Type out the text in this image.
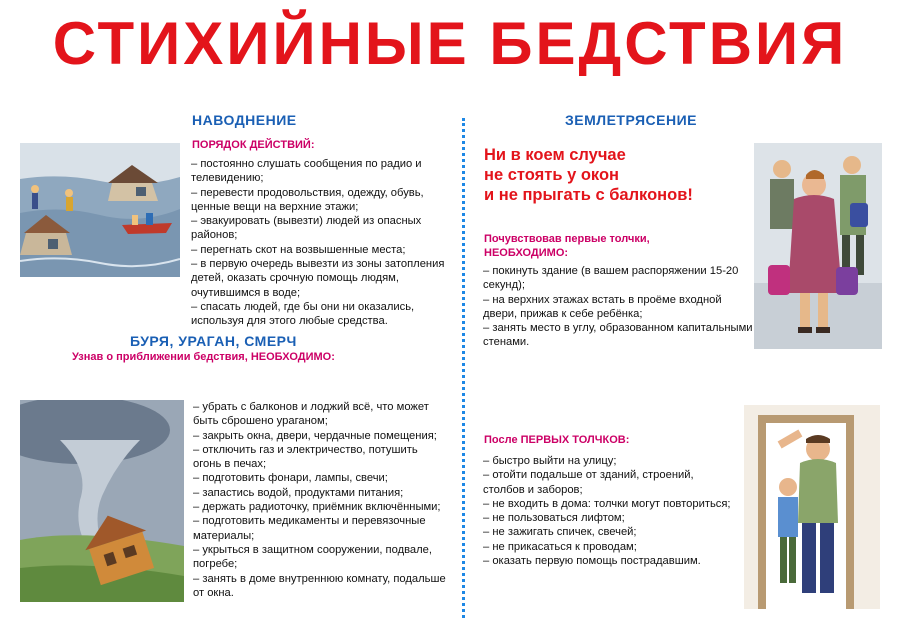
СТИХИЙНЫЕ БЕДСТВИЯ
НАВОДНЕНИЕ
ПОРЯДОК ДЕЙСТВИЙ:
– постоянно слушать сообщения по радио и телевидению;
– перевести продовольствия, одежду, обувь, ценные вещи на верхние этажи;
– эвакуировать (вывезти) людей из опасных районов;
– перегнать скот на возвышенные места;
– в первую очередь вывезти из зоны затопления детей, оказать срочную помощь людям, очутившимся в воде;
– спасать людей, где бы они ни оказались, используя для этого любые средства.
БУРЯ, УРАГАН, СМЕРЧ
Узнав о приближении бедствия, НЕОБХОДИМО:
– убрать с балконов и лоджий всё, что может быть сброшено ураганом;
– закрыть окна, двери, чердачные помещения;
– отключить газ и электричество, потушить огонь в печах;
– подготовить фонари, лампы, свечи;
– запастись водой, продуктами питания;
– держать радиоточку, приёмник включёнными;
– подготовить медикаменты и перевязочные материалы;
– укрыться в защитном сооружении, подвале, погребе;
– занять в доме внутреннюю комнату, подальше от окна.
ЗЕМЛЕТРЯСЕНИЕ
Ни в коем случае
не стоять у окон
и не прыгать с балконов!
Почувствовав первые толчки,
НЕОБХОДИМО:
– покинуть здание (в вашем распоряжении 15-20 секунд);
– на верхних этажах встать в проёме входной двери, прижав к себе ребёнка;
– занять место в углу, образованном капитальными стенами.
После ПЕРВЫХ ТОЛЧКОВ:
– быстро выйти на улицу;
– отойти подальше от зданий, строений, столбов и заборов;
– не входить в дома: толчки могут повториться;
– не пользоваться лифтом;
– не зажигать спичек, свечей;
– не прикасаться к проводам;
– оказать первую помощь пострадавшим.
